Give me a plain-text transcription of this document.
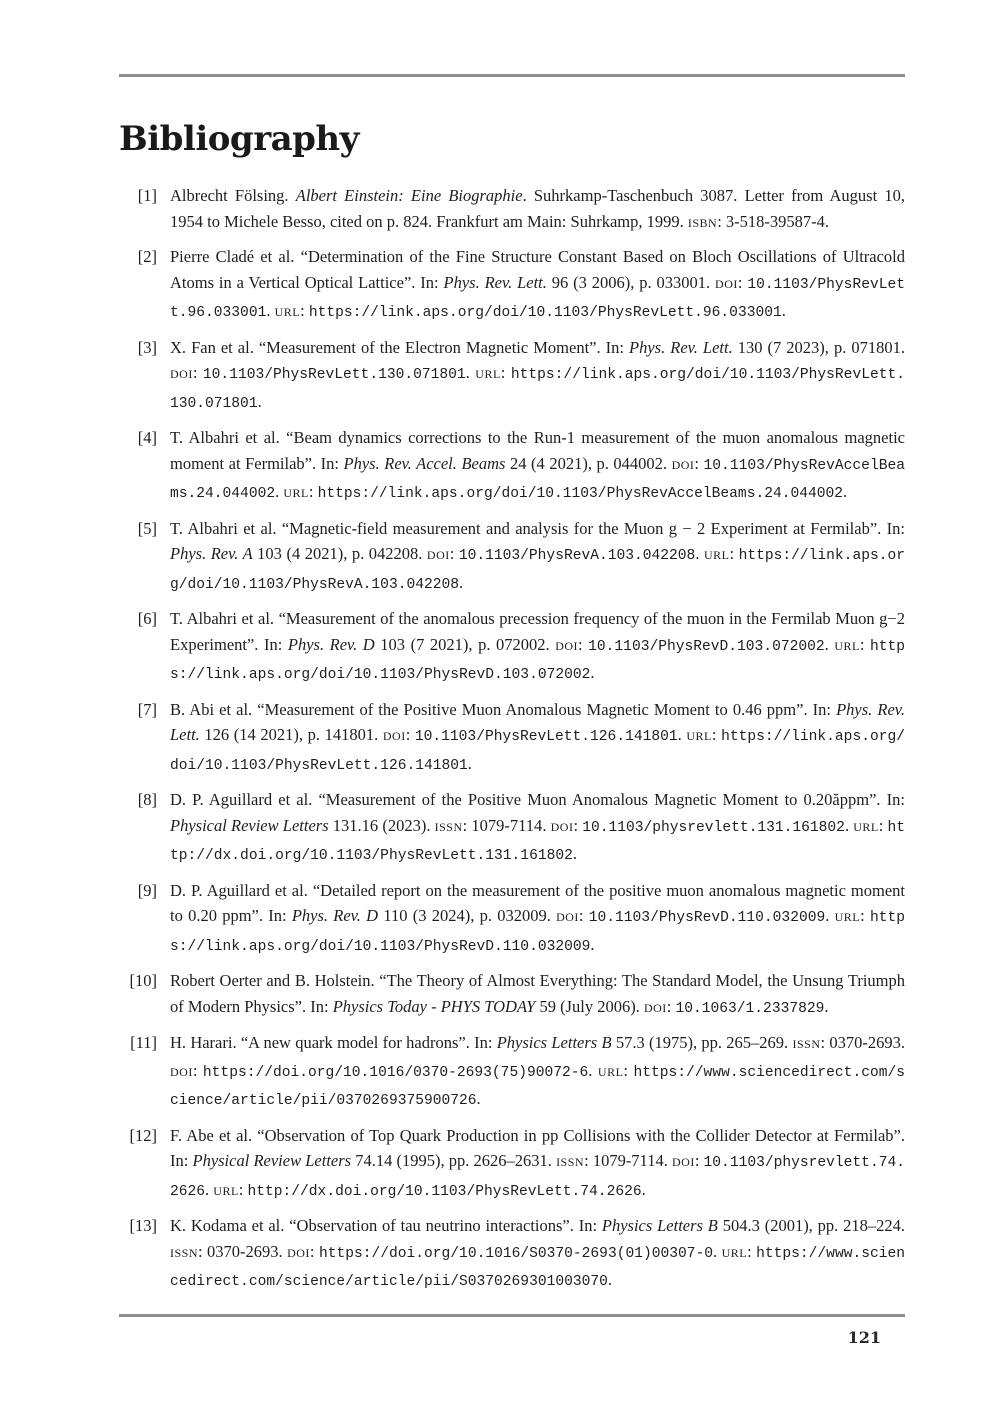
Bibliography
[1] Albrecht Fölsing. Albert Einstein: Eine Biographie. Suhrkamp-Taschenbuch 3087. Letter from August 10, 1954 to Michele Besso, cited on p. 824. Frankfurt am Main: Suhrkamp, 1999. ISBN: 3-518-39587-4.
[2] Pierre Cladé et al. “Determination of the Fine Structure Constant Based on Bloch Oscillations of Ultracold Atoms in a Vertical Optical Lattice”. In: Phys. Rev. Lett. 96 (3 2006), p. 033001. DOI: 10.1103/PhysRevLett.96.033001. URL: https://link.aps.org/doi/10.1103/PhysRevLett.96.033001.
[3] X. Fan et al. “Measurement of the Electron Magnetic Moment”. In: Phys. Rev. Lett. 130 (7 2023), p. 071801. DOI: 10.1103/PhysRevLett.130.071801. URL: https://link.aps.org/doi/10.1103/PhysRevLett.130.071801.
[4] T. Albahri et al. “Beam dynamics corrections to the Run-1 measurement of the muon anomalous magnetic moment at Fermilab”. In: Phys. Rev. Accel. Beams 24 (4 2021), p. 044002. DOI: 10.1103/PhysRevAccelBeams.24.044002. URL: https://link.aps.org/doi/10.1103/PhysRevAccelBeams.24.044002.
[5] T. Albahri et al. “Magnetic-field measurement and analysis for the Muon g − 2 Experiment at Fermilab”. In: Phys. Rev. A 103 (4 2021), p. 042208. DOI: 10.1103/PhysRevA.103.042208. URL: https://link.aps.org/doi/10.1103/PhysRevA.103.042208.
[6] T. Albahri et al. “Measurement of the anomalous precession frequency of the muon in the Fermilab Muon g−2 Experiment”. In: Phys. Rev. D 103 (7 2021), p. 072002. DOI: 10.1103/PhysRevD.103.072002. URL: https://link.aps.org/doi/10.1103/PhysRevD.103.072002.
[7] B. Abi et al. “Measurement of the Positive Muon Anomalous Magnetic Moment to 0.46 ppm”. In: Phys. Rev. Lett. 126 (14 2021), p. 141801. DOI: 10.1103/PhysRevLett.126.141801. URL: https://link.aps.org/doi/10.1103/PhysRevLett.126.141801.
[8] D. P. Aguillard et al. “Measurement of the Positive Muon Anomalous Magnetic Moment to 0.20ăppm”. In: Physical Review Letters 131.16 (2023). ISSN: 1079-7114. DOI: 10.1103/physrevlett.131.161802. URL: http://dx.doi.org/10.1103/PhysRevLett.131.161802.
[9] D. P. Aguillard et al. “Detailed report on the measurement of the positive muon anomalous magnetic moment to 0.20 ppm”. In: Phys. Rev. D 110 (3 2024), p. 032009. DOI: 10.1103/PhysRevD.110.032009. URL: https://link.aps.org/doi/10.1103/PhysRevD.110.032009.
[10] Robert Oerter and B. Holstein. “The Theory of Almost Everything: The Standard Model, the Unsung Triumph of Modern Physics”. In: Physics Today - PHYS TODAY 59 (July 2006). DOI: 10.1063/1.2337829.
[11] H. Harari. “A new quark model for hadrons”. In: Physics Letters B 57.3 (1975), pp. 265–269. ISSN: 0370-2693. DOI: https://doi.org/10.1016/0370-2693(75)90072-6. URL: https://www.sciencedirect.com/science/article/pii/0370269375900726.
[12] F. Abe et al. “Observation of Top Quark Production in pp Collisions with the Collider Detector at Fermilab”. In: Physical Review Letters 74.14 (1995), pp. 2626–2631. ISSN: 1079-7114. DOI: 10.1103/physrevlett.74.2626. URL: http://dx.doi.org/10.1103/PhysRevLett.74.2626.
[13] K. Kodama et al. “Observation of tau neutrino interactions”. In: Physics Letters B 504.3 (2001), pp. 218–224. ISSN: 0370-2693. DOI: https://doi.org/10.1016/S0370-2693(01)00307-0. URL: https://www.sciencedirect.com/science/article/pii/S0370269301003070.
121
